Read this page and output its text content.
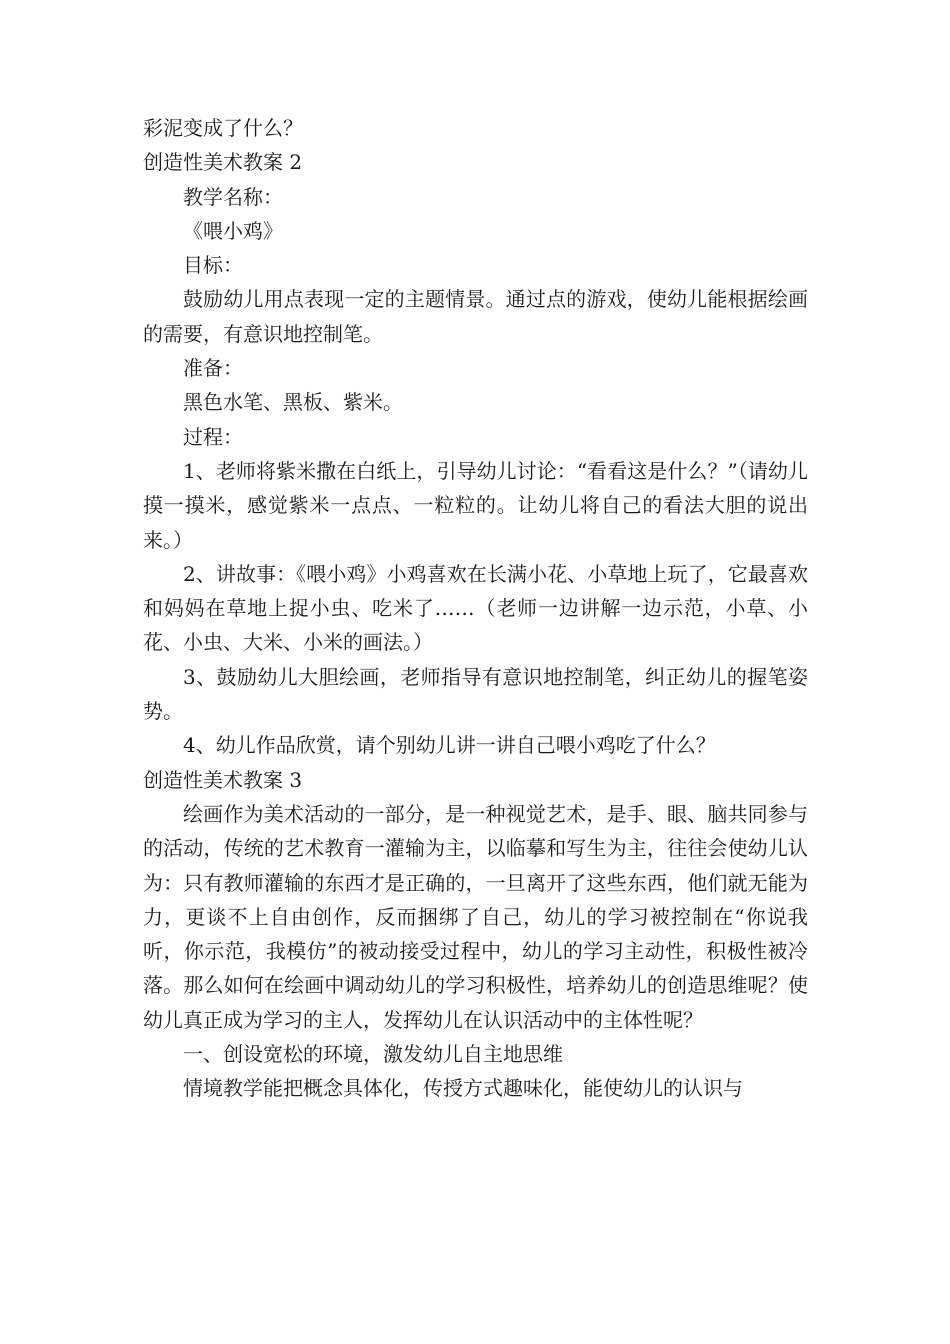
彩泥变成了什么？

创造性美术教案 2

教学名称：

《喂小鸡》

目标：

鼓励幼儿用点表现一定的主题情景。通过点的游戏，使幼儿能根据绘画的需要，有意识地控制笔。

准备：

黑色水笔、黑板、紫米。

过程：

1、老师将紫米撒在白纸上，引导幼儿讨论：“看看这是什么？”（请幼儿摸一摸米，感觉紫米一点点、一粒粒的。让幼儿将自己的看法大胆的说出来。）

2、讲故事：《喂小鸡》小鸡喜欢在长满小花、小草地上玩了，它最喜欢和妈妈在草地上捉小虫、吃米了……（老师一边讲解一边示范，小草、小花、小虫、大米、小米的画法。）

3、鼓励幼儿大胆绘画，老师指导有意识地控制笔，纠正幼儿的握笔姿势。

4、幼儿作品欣赏，请个别幼儿讲一讲自己喂小鸡吃了什么？

创造性美术教案 3

绘画作为美术活动的一部分，是一种视觉艺术，是手、眼、脑共同参与的活动，传统的艺术教育一灌输为主，以临摹和写生为主，往往会使幼儿认为：只有教师灌输的东西才是正确的，一旦离开了这些东西，他们就无能为力，更谈不上自由创作，反而捆绑了自己，幼儿的学习被控制在“你说我听，你示范，我模仿”的被动接受过程中，幼儿的学习主动性，积极性被冷落。那么如何在绘画中调动幼儿的学习积极性，培养幼儿的创造思维呢？使幼儿真正成为学习的主人，发挥幼儿在认识活动中的主体性呢？

一、创设宽松的环境，激发幼儿自主地思维

情境教学能把概念具体化，传授方式趣味化，能使幼儿的认识与
